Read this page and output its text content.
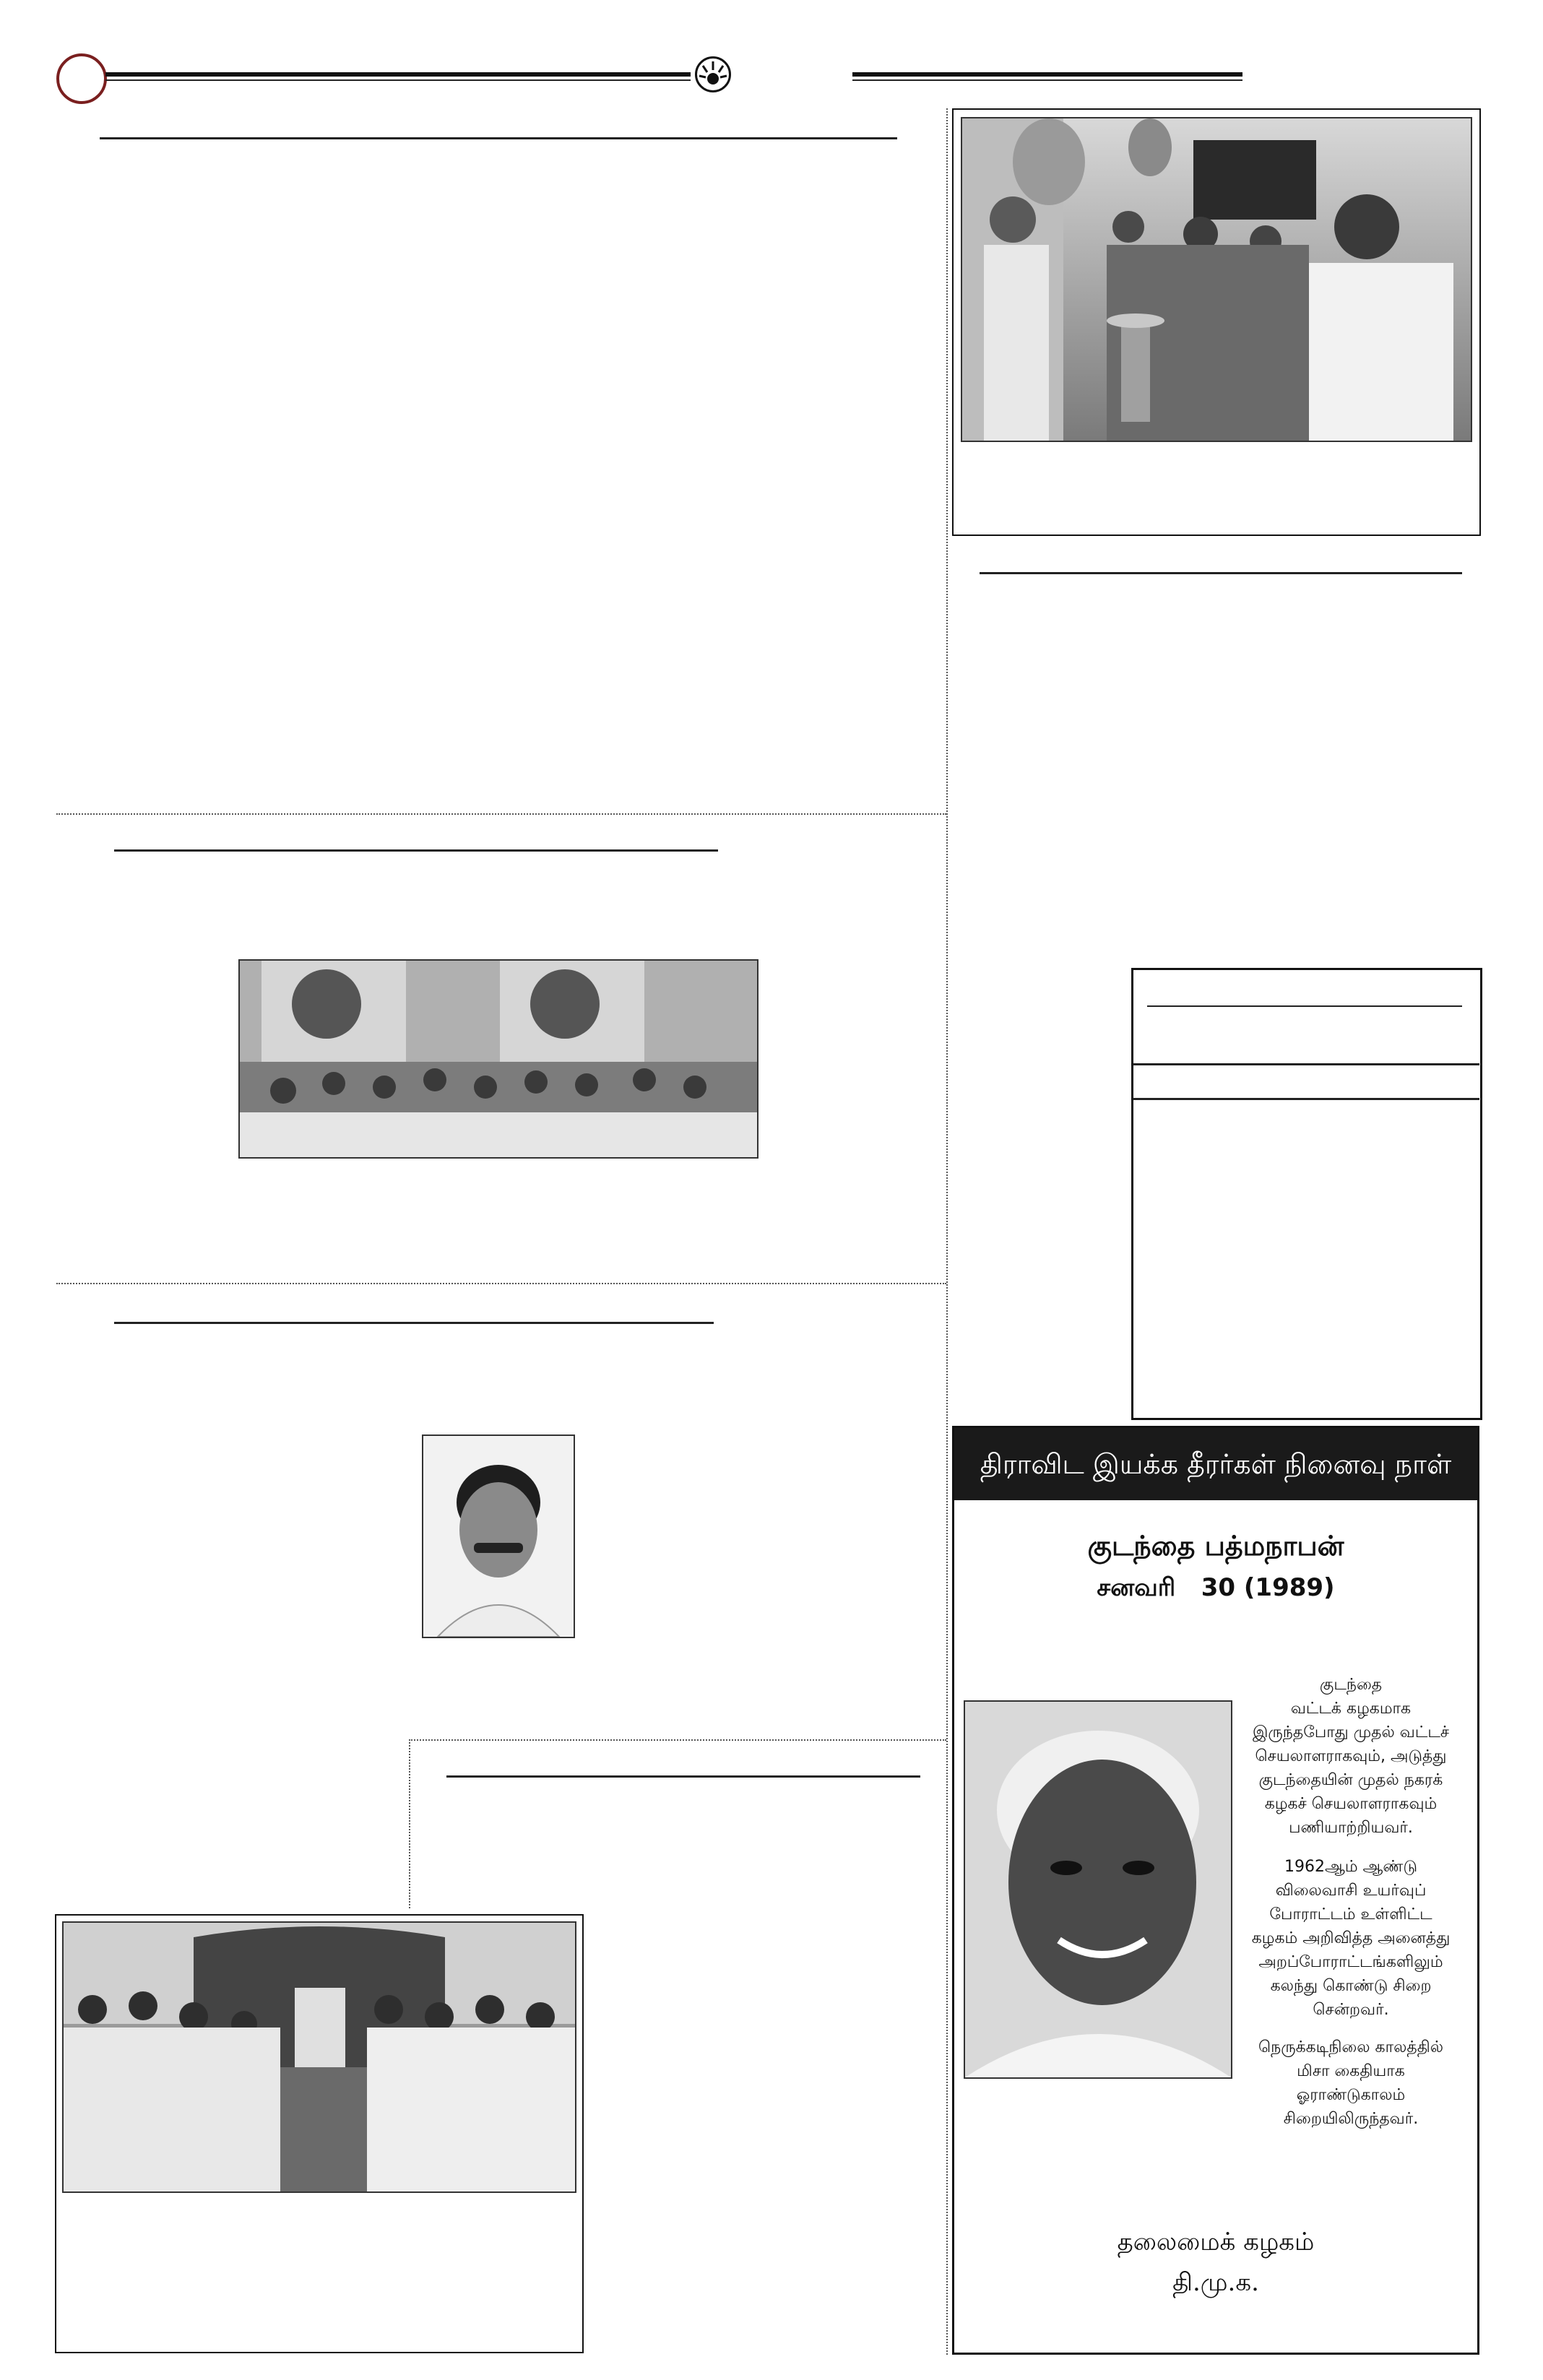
திராவிட இயக்க தீரர்கள் நினைவு நாள்
குடந்தை பத்மநாபன்
சனவரி   30 (1989)
குடந்தை
வட்டக் கழகமாக
இருந்தபோது முதல் வட்டச்
செயலாளராகவும், அடுத்து
குடந்தையின் முதல் நகரக்
கழகச் செயலாளராகவும்
பணியாற்றியவர்.
1962ஆம் ஆண்டு
விலைவாசி உயர்வுப்
போராட்டம் உள்ளிட்ட
கழகம் அறிவித்த அனைத்து
அறப்போராட்டங்களிலும்
கலந்து கொண்டு சிறை
சென்றவர்.
நெருக்கடிநிலை காலத்தில்
மிசா கைதியாக
ஓராண்டுகாலம்
சிறையிலிருந்தவர்.
தலைமைக் கழகம்
தி.மு.க.
